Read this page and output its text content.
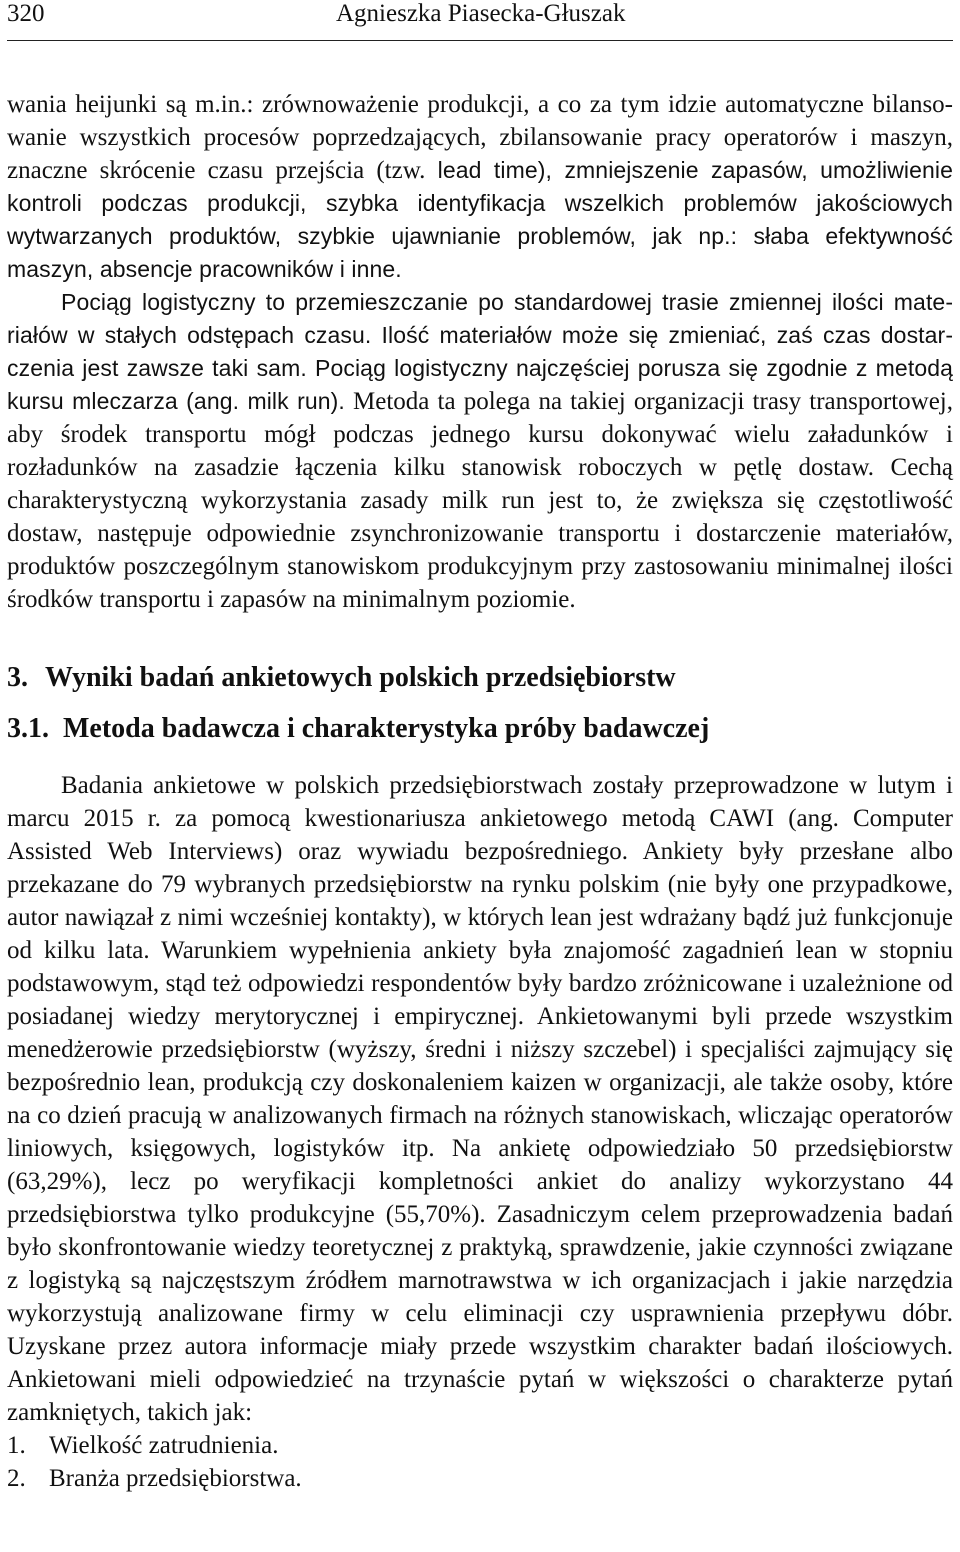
320	Agnieszka Piasecka-Głuszak

wania heijunki są m.in.: zrównoważenie produkcji, a co za tym idzie automatyczne bilansowanie wszystkich procesów poprzedzających, zbilansowanie pracy operatorów i maszyn, znaczne skrócenie czasu przejścia (tzw. lead time), zmniejszenie zapasów, umożliwienie kontroli podczas produkcji, szybka identyfikacja wszelkich problemów jakościowych wytwarzanych produktów, szybkie ujawnianie problemów, jak np.: słaba efektywność maszyn, absencje pracowników i inne.

Pociąg logistyczny to przemieszczanie po standardowej trasie zmiennej ilości materiałów w stałych odstępach czasu. Ilość materiałów może się zmieniać, zaś czas dostarczenia jest zawsze taki sam. Pociąg logistyczny najczęściej porusza się zgodnie z metodą kursu mleczarza (ang. milk run). Metoda ta polega na takiej organizacji trasy transportowej, aby środek transportu mógł podczas jednego kursu dokonywać wielu załadunków i rozładunków na zasadzie łączenia kilku stanowisk roboczych w pętlę dostaw. Cechą charakterystyczną wykorzystania zasady milk run jest to, że zwiększa się częstotliwość dostaw, następuje odpowiednie zsynchronizowanie transportu i dostarczenie materiałów, produktów poszczególnym stanowiskom produkcyjnym przy zastosowaniu minimalnej ilości środków transportu i zapasów na minimalnym poziomie.

3. Wyniki badań ankietowych polskich przedsiębiorstw
3.1. Metoda badawcza i charakterystyka próby badawczej

Badania ankietowe w polskich przedsiębiorstwach zostały przeprowadzone w lutym i marcu 2015 r. za pomocą kwestionariusza ankietowego metodą CAWI (ang. Computer Assisted Web Interviews) oraz wywiadu bezpośredniego. Ankiety były przesłane albo przekazane do 79 wybranych przedsiębiorstw na rynku polskim (nie były one przypadkowe, autor nawiązał z nimi wcześniej kontakty), w których lean jest wdrażany bądź już funkcjonuje od kilku lata. Warunkiem wypełnienia ankiety była znajomość zagadnień lean w stopniu podstawowym, stąd też odpowiedzi respondentów były bardzo zróżnicowane i uzależnione od posiadanej wiedzy merytorycznej i empirycznej. Ankietowanymi byli przede wszystkim menedżerowie przedsiębiorstw (wyższy, średni i niższy szczebel) i specjaliści zajmujący się bezpośrednio lean, produkcją czy doskonaleniem kaizen w organizacji, ale także osoby, które na co dzień pracują w analizowanych firmach na różnych stanowiskach, wliczając operatorów liniowych, księgowych, logistyków itp. Na ankietę odpowiedziało 50 przedsiębiorstw (63,29%), lecz po weryfikacji kompletności ankiet do analizy wykorzystano 44 przedsiębiorstwa tylko produkcyjne (55,70%). Zasadniczym celem przeprowadzenia badań było skonfrontowanie wiedzy teoretycznej z praktyką, sprawdzenie, jakie czynności związane z logistyką są najczęstszym źródłem marnotrawstwa w ich organizacjach i jakie narzędzia wykorzystują analizowane firmy w celu eliminacji czy usprawnienia przepływu dóbr. Uzyskane przez autora informacje miały przede wszystkim charakter badań ilościowych. Ankietowani mieli odpowiedzieć na trzynaście pytań w większości o charakterze pytań zamkniętych, takich jak:

1. Wielkość zatrudnienia.
2. Branża przedsiębiorstwa.
